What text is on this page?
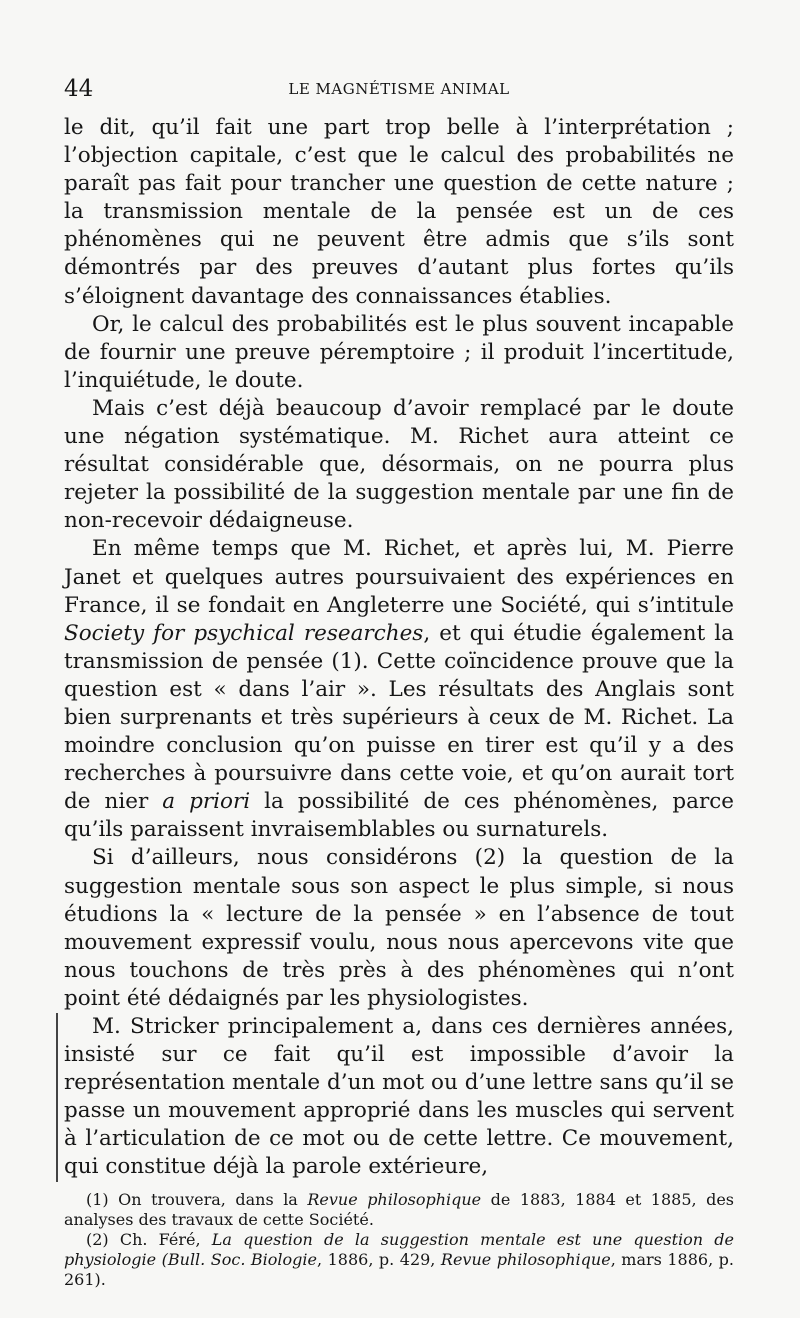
44	LE MAGNÉTISME ANIMAL

le dit, qu’il fait une part trop belle à l’interprétation ; l’objection capitale, c’est que le calcul des probabilités ne paraît pas fait pour trancher une question de cette nature ; la transmission mentale de la pensée est un de ces phénomènes qui ne peuvent être admis que s’ils sont démontrés par des preuves d’autant plus fortes qu’ils s’éloignent davantage des connaissances établies.

Or, le calcul des probabilités est le plus souvent incapable de fournir une preuve péremptoire ; il produit l’incertitude, l’inquiétude, le doute.

Mais c’est déjà beaucoup d’avoir remplacé par le doute une négation systématique. M. Richet aura atteint ce résultat considérable que, désormais, on ne pourra plus rejeter la possibilité de la suggestion mentale par une fin de non-recevoir dédaigneuse.

En même temps que M. Richet, et après lui, M. Pierre Janet et quelques autres poursuivaient des expériences en France, il se fondait en Angleterre une Société, qui s’intitule Society for psychical researches, et qui étudie également la transmission de pensée (1). Cette coïncidence prouve que la question est « dans l’air ». Les résultats des Anglais sont bien surprenants et très supérieurs à ceux de M. Richet. La moindre conclusion qu’on puisse en tirer est qu’il y a des recherches à poursuivre dans cette voie, et qu’on aurait tort de nier a priori la possibilité de ces phénomènes, parce qu’ils paraissent invraisemblables ou surnaturels.

Si d’ailleurs, nous considérons (2) la question de la suggestion mentale sous son aspect le plus simple, si nous étudions la « lecture de la pensée » en l’absence de tout mouvement expressif voulu, nous nous apercevons vite que nous touchons de très près à des phénomènes qui n’ont point été dédaignés par les physiologistes.

M. Stricker principalement a, dans ces dernières années, insisté sur ce fait qu’il est impossible d’avoir la représentation mentale d’un mot ou d’une lettre sans qu’il se passe un mouvement approprié dans les muscles qui servent à l’articulation de ce mot ou de cette lettre. Ce mouvement, qui constitue déjà la parole extérieure,

(1) On trouvera, dans la Revue philosophique de 1883, 1884 et 1885, des analyses des travaux de cette Société.

(2) Ch. Féré, La question de la suggestion mentale est une question de physiologie (Bull. Soc. Biologie, 1886, p. 429, Revue philosophique, mars 1886, p. 261).
